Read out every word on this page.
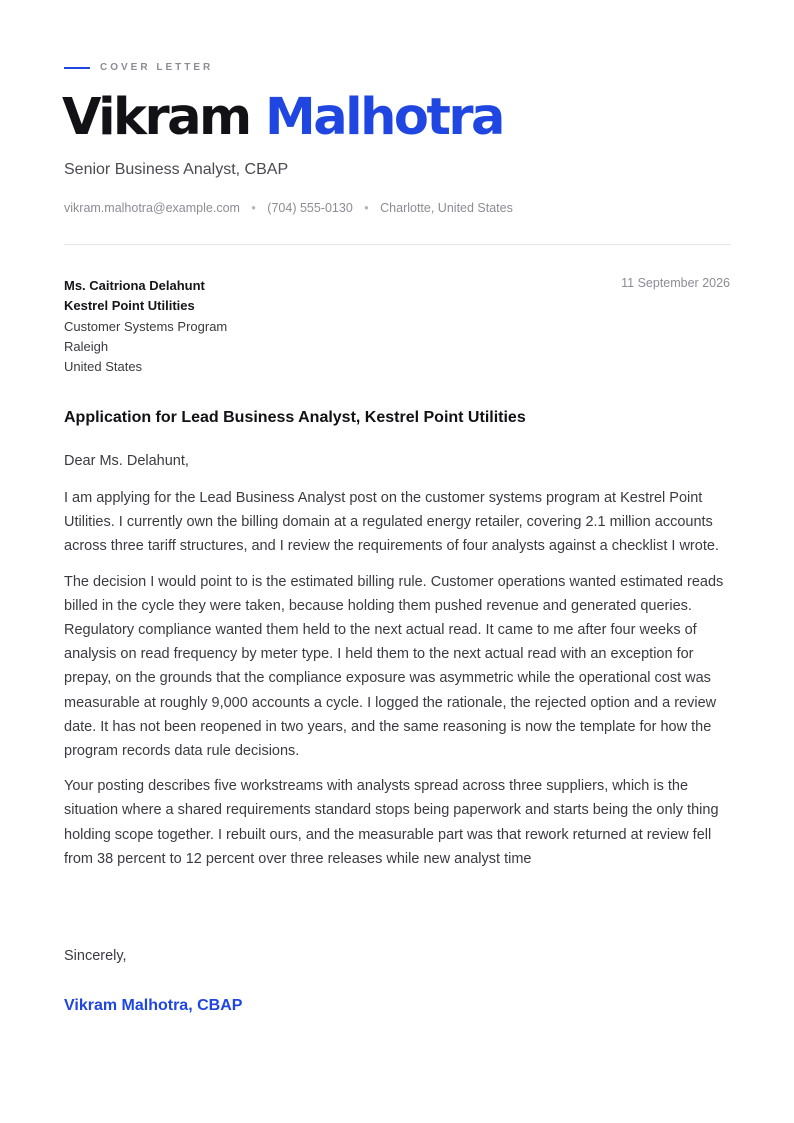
COVER LETTER
Vikram Malhotra
Senior Business Analyst, CBAP
vikram.malhotra@example.com • (704) 555-0130 • Charlotte, United States
Ms. Caitriona Delahunt
Kestrel Point Utilities
Customer Systems Program
Raleigh
United States
11 September 2026
Application for Lead Business Analyst, Kestrel Point Utilities
Dear Ms. Delahunt,

I am applying for the Lead Business Analyst post on the customer systems program at Kestrel Point Utilities. I currently own the billing domain at a regulated energy retailer, covering 2.1 million accounts across three tariff structures, and I review the requirements of four analysts against a checklist I wrote.

The decision I would point to is the estimated billing rule. Customer operations wanted estimated reads billed in the cycle they were taken, because holding them pushed revenue and generated queries. Regulatory compliance wanted them held to the next actual read. It came to me after four weeks of analysis on read frequency by meter type. I held them to the next actual read with an exception for prepay, on the grounds that the compliance exposure was asymmetric while the operational cost was measurable at roughly 9,000 accounts a cycle. I logged the rationale, the rejected option and a review date. It has not been reopened in two years, and the same reasoning is now the template for how the program records data rule decisions.

Your posting describes five workstreams with analysts spread across three suppliers, which is the situation where a shared requirements standard stops being paperwork and starts being the only thing holding scope together. I rebuilt ours, and the measurable part was that rework returned at review fell from 38 percent to 12 percent over three releases while new analyst time

Sincerely,
Vikram Malhotra, CBAP
